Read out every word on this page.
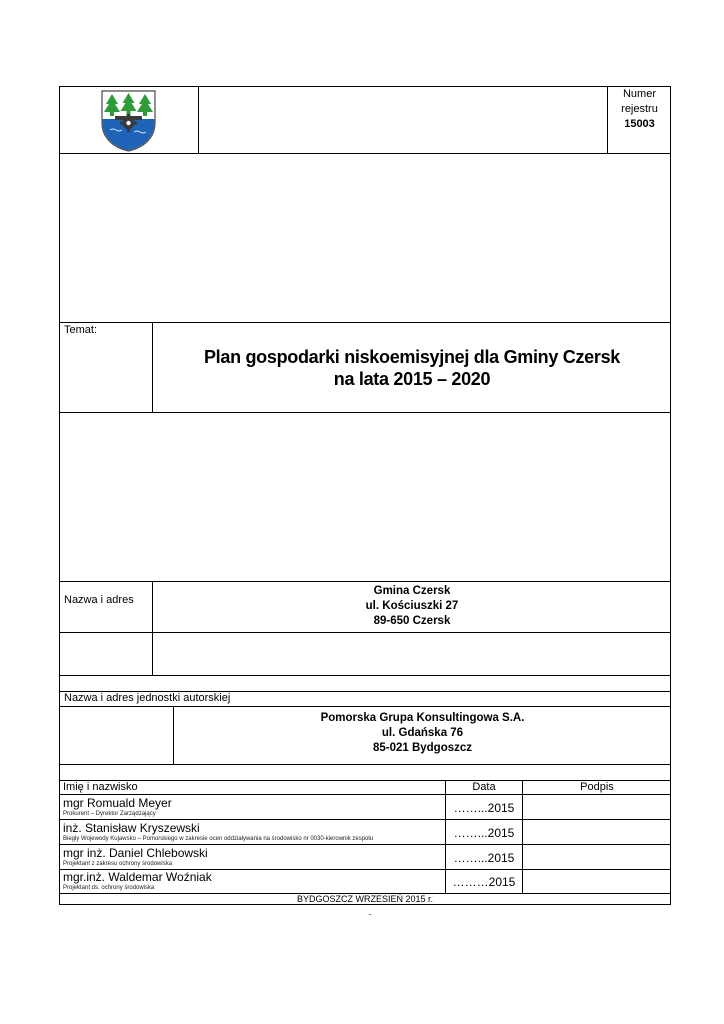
Numer
rejestru
15003
Temat:
Plan gospodarki niskoemisyjnej dla Gminy Czersk
na lata 2015 – 2020
Nazwa i adres
Gmina Czersk
ul. Kościuszki 27
89-650 Czersk
Nazwa i adres jednostki autorskiej
Pomorska Grupa Konsultingowa S.A.
ul. Gdańska 76
85-021 Bydgoszcz
Imię i nazwisko	Data	Podpis
mgr Romuald Meyer
Prokurent – Dyrektor Zarządzający	……...2015
inż. Stanisław Kryszewski
Biegły Wojewody Kujawsko – Pomorskiego w zakresie ocen oddziaływania na środowisko nr 0030-kierownik zespołu	……...2015
mgr inż. Daniel Chlebowski
Projektant z zakresu ochrony środowiska	……...2015
mgr.inż. Waldemar Woźniak
Projektant ds. ochrony środowiska	………2015
BYDGOSZCZ WRZESIEŃ 2015 r.
